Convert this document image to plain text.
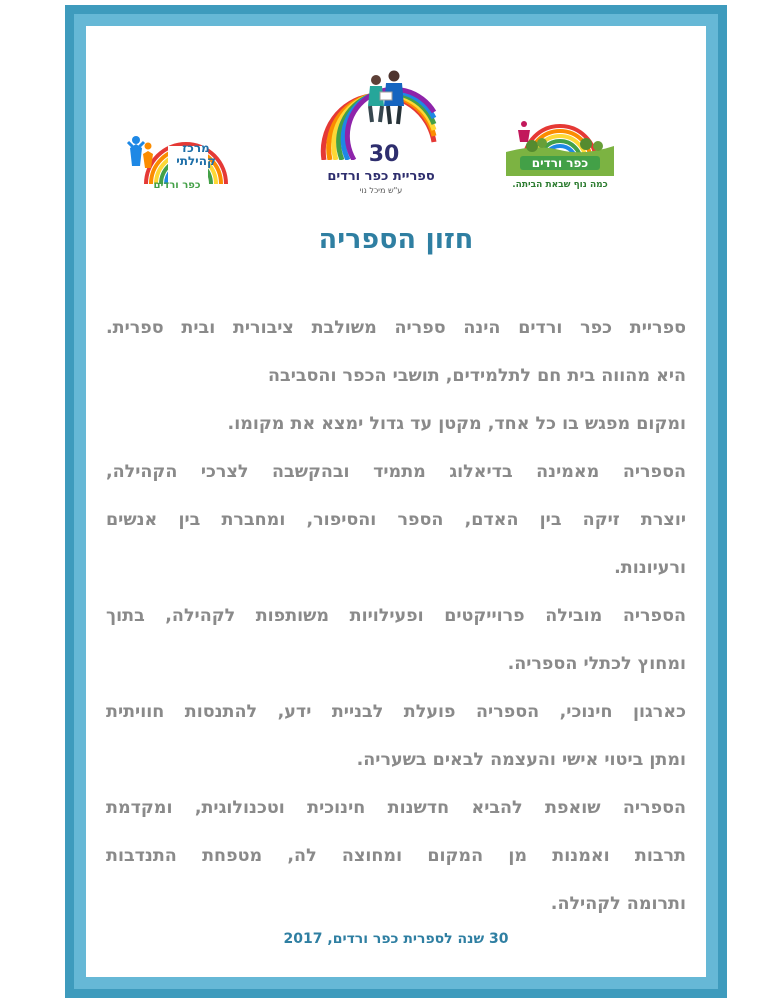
מרכז
קהילתי
כפר ורדים
30
ספריית כפר ורדים
ע"ש מיכל נוי
כפר ורדים
כמה נוף שבאת הביתה.
חזון הספריה
ספריית כפר ורדים הינה ספריה משולבת ציבורית ובית ספרית.
היא מהווה בית חם לתלמידים, תושבי הכפר והסביבה
ומקום מפגש בו כל אחד, מקטן עד גדול ימצא את מקומו.
הספריה מאמינה בדיאלוג מתמיד ובהקשבה לצרכי הקהילה,
יוצרת זיקה בין האדם, הספר והסיפור, ומחברת בין אנשים
ורעיונות.
הספריה מובילה פרוייקטים ופעילויות משותפות לקהילה, בתוך
ומחוץ לכתלי הספריה.
כארגון חינוכי, הספריה פועלת לבניית ידע, להתנסות חוויתית
ומתן ביטוי אישי והעצמה לבאים בשעריה.
הספריה שואפת להביא חדשנות חינוכית וטכנולוגית, ומקדמת
תרבות ואמנות מן המקום ומחוצה לה, מטפחת התנדבות
ותרומה לקהילה.
30 שנה לספרית כפר ורדים, 2017
